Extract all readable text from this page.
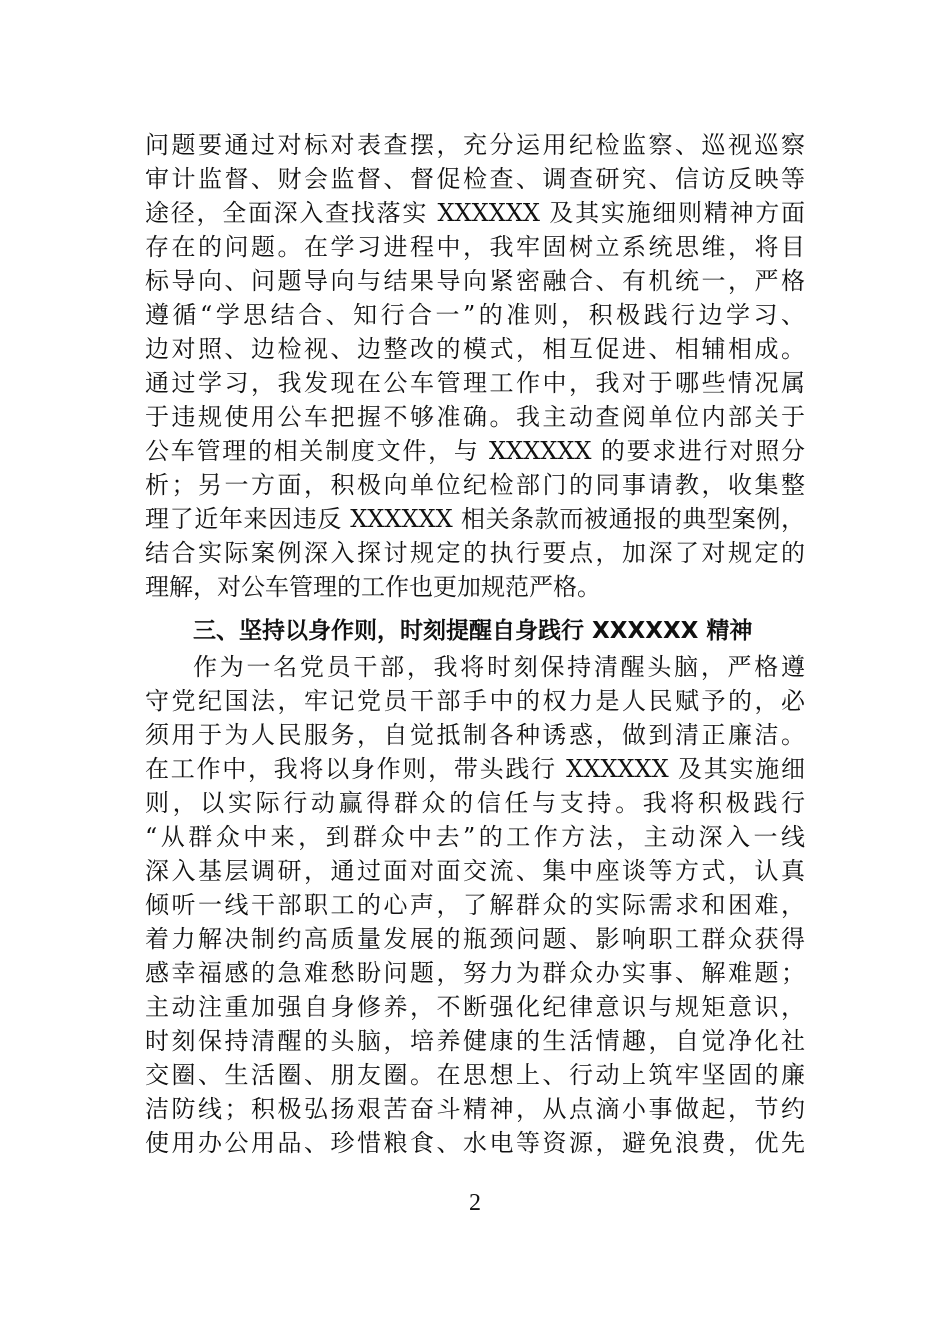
问题要通过对标对表查摆，充分运用纪检监察、巡视巡察
审计监督、财会监督、督促检查、调查研究、信访反映等
途径，全面深入查找落实 XXXXXX 及其实施细则精神方面
存在的问题。在学习进程中，我牢固树立系统思维，将目
标导向、问题导向与结果导向紧密融合、有机统一，严格
遵循“学思结合、知行合一”的准则，积极践行边学习、
边对照、边检视、边整改的模式，相互促进、相辅相成。
通过学习，我发现在公车管理工作中，我对于哪些情况属
于违规使用公车把握不够准确。我主动查阅单位内部关于
公车管理的相关制度文件，与 XXXXXX 的要求进行对照分
析；另一方面，积极向单位纪检部门的同事请教，收集整
理了近年来因违反 XXXXXX 相关条款而被通报的典型案例，
结合实际案例深入探讨规定的执行要点，加深了对规定的
理解，对公车管理的工作也更加规范严格。
三、坚持以身作则，时刻提醒自身践行 XXXXXX 精神
作为一名党员干部，我将时刻保持清醒头脑，严格遵
守党纪国法，牢记党员干部手中的权力是人民赋予的，必
须用于为人民服务，自觉抵制各种诱惑，做到清正廉洁。
在工作中，我将以身作则，带头践行 XXXXXX 及其实施细
则，以实际行动赢得群众的信任与支持。我将积极践行
“从群众中来，到群众中去”的工作方法，主动深入一线
深入基层调研，通过面对面交流、集中座谈等方式，认真
倾听一线干部职工的心声，了解群众的实际需求和困难，
着力解决制约高质量发展的瓶颈问题、影响职工群众获得
感幸福感的急难愁盼问题，努力为群众办实事、解难题；
主动注重加强自身修养，不断强化纪律意识与规矩意识，
时刻保持清醒的头脑，培养健康的生活情趣，自觉净化社
交圈、生活圈、朋友圈。在思想上、行动上筑牢坚固的廉
洁防线；积极弘扬艰苦奋斗精神，从点滴小事做起，节约
使用办公用品、珍惜粮食、水电等资源，避免浪费，优先
2
